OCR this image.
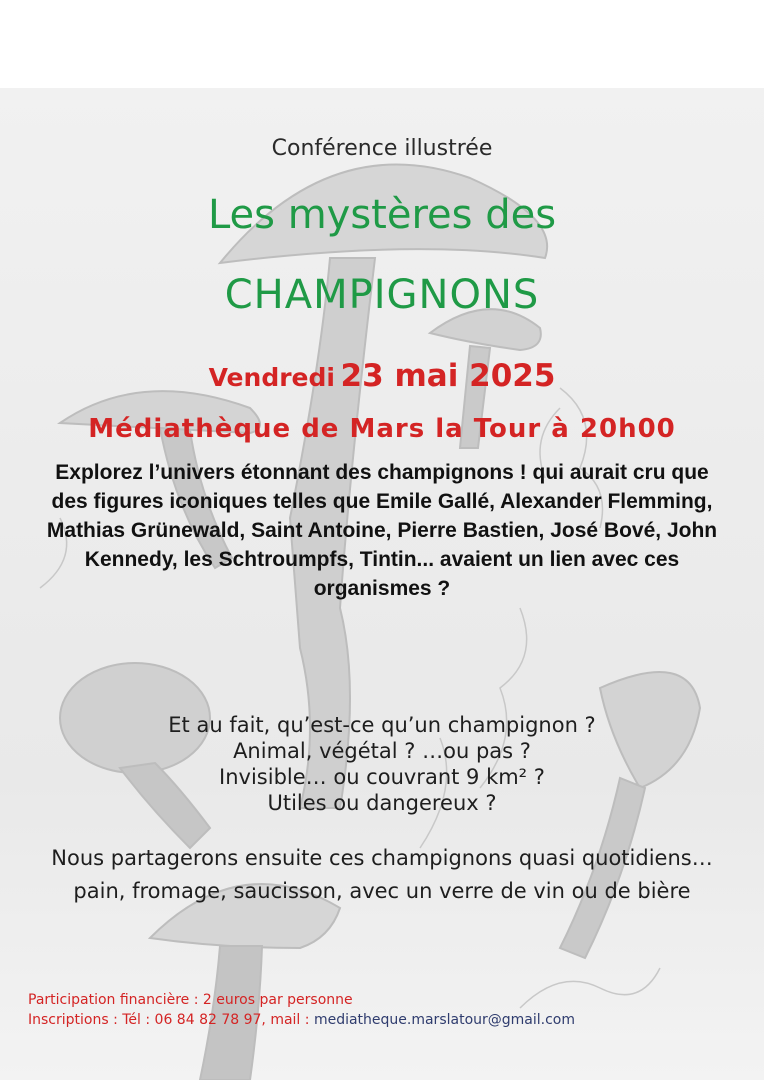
Conférence illustrée

Les mystères des

CHAMPIGNONS

Vendredi 23 mai 2025

Médiathèque de Mars la Tour à 20h00

Explorez l’univers étonnant des champignons ! qui aurait cru que des figures iconiques telles que Emile Gallé, Alexander Flemming, Mathias Grünewald, Saint Antoine, Pierre Bastien, José Bové, John Kennedy, les Schtroumpfs, Tintin... avaient un lien avec ces organismes ?

Et au fait, qu’est-ce qu’un champignon ?
Animal, végétal ? …ou pas ?
Invisible… ou couvrant 9 km² ?
Utiles ou dangereux ?

Nous partagerons ensuite ces champignons quasi quotidiens…pain, fromage, saucisson, avec un verre de vin ou de bière

Participation financière : 2 euros par personne
Inscriptions : Tél : 06 84 82 78 97, mail : mediatheque.marslatour@gmail.com
